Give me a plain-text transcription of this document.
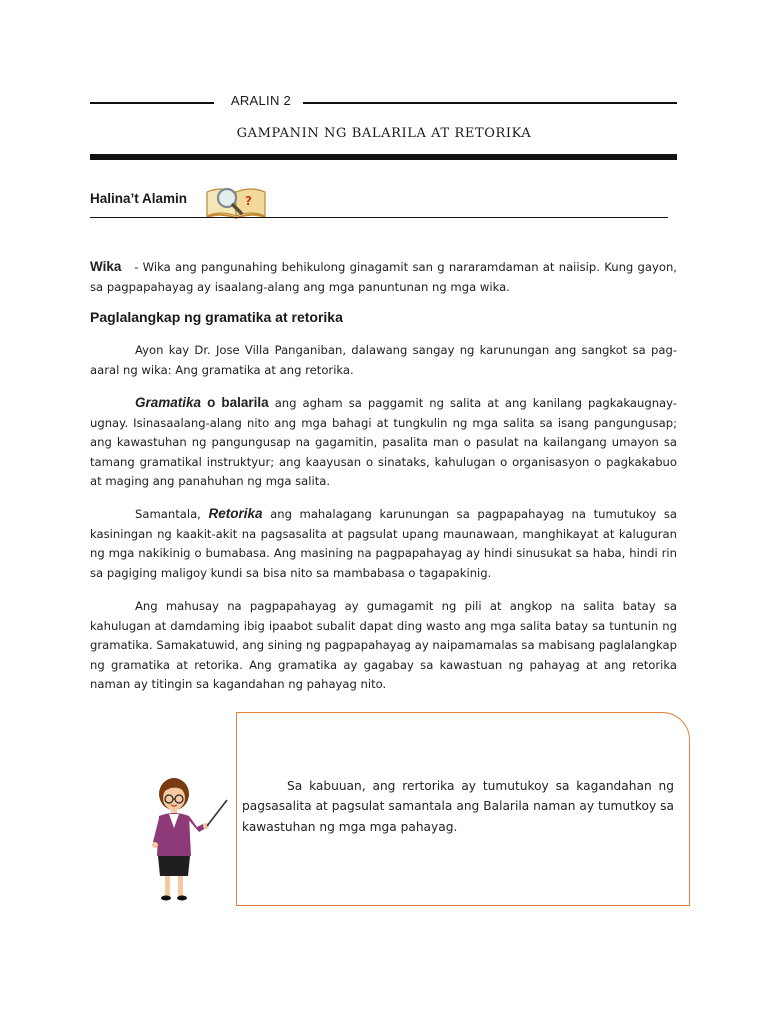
ARALIN 2
GAMPANIN NG BALARILA AT RETORIKA
Halina’t Alamin	?
Wika - Wika ang pangunahing behikulong ginagamit san g nararamdaman at naiisip. Kung gayon, sa pagpapahayag ay isaalang-alang ang mga panuntunan ng mga wika.
Paglalangkap ng gramatika at retorika
Ayon kay Dr. Jose Villa Panganiban, dalawang sangay ng karunungan ang sangkot sa pag-aaral ng wika: Ang gramatika at ang retorika.
Gramatika o balarila ang agham sa paggamit ng salita at ang kanilang pagkakaugnay-ugnay. Isinasaalang-alang nito ang mga bahagi at tungkulin ng mga salita sa isang pangungusap; ang kawastuhan ng pangungusap na gagamitin, pasalita man o pasulat na kailangang umayon sa tamang gramatikal instruktyur; ang kaayusan o sinataks, kahulugan o organisasyon o pagkakabuo at maging ang panahuhan ng mga salita.
Samantala, Retorika ang mahalagang karunungan sa pagpapahayag na tumutukoy sa kasiningan ng kaakit-akit na pagsasalita at pagsulat upang maunawaan, manghikayat at kaluguran ng mga nakikinig o bumabasa. Ang masining na pagpapahayag ay hindi sinusukat sa haba, hindi rin sa pagiging maligoy kundi sa bisa nito sa mambabasa o tagapakinig.
Ang mahusay na pagpapahayag ay gumagamit ng pili at angkop na salita batay sa kahulugan at damdaming ibig ipaabot subalit dapat ding wasto ang mga salita batay sa tuntunin ng gramatika. Samakatuwid, ang sining ng pagpapahayag ay naipamamalas sa mabisang paglalangkap ng gramatika at retorika. Ang gramatika ay gagabay sa kawastuan ng pahayag at ang retorika naman ay titingin sa kagandahan ng pahayag nito.
Sa kabuuan, ang rertorika ay tumutukoy sa kagandahan ng pagsasalita at pagsulat samantala ang Balarila naman ay tumutkoy sa kawastuhan ng mga mga pahayag.
